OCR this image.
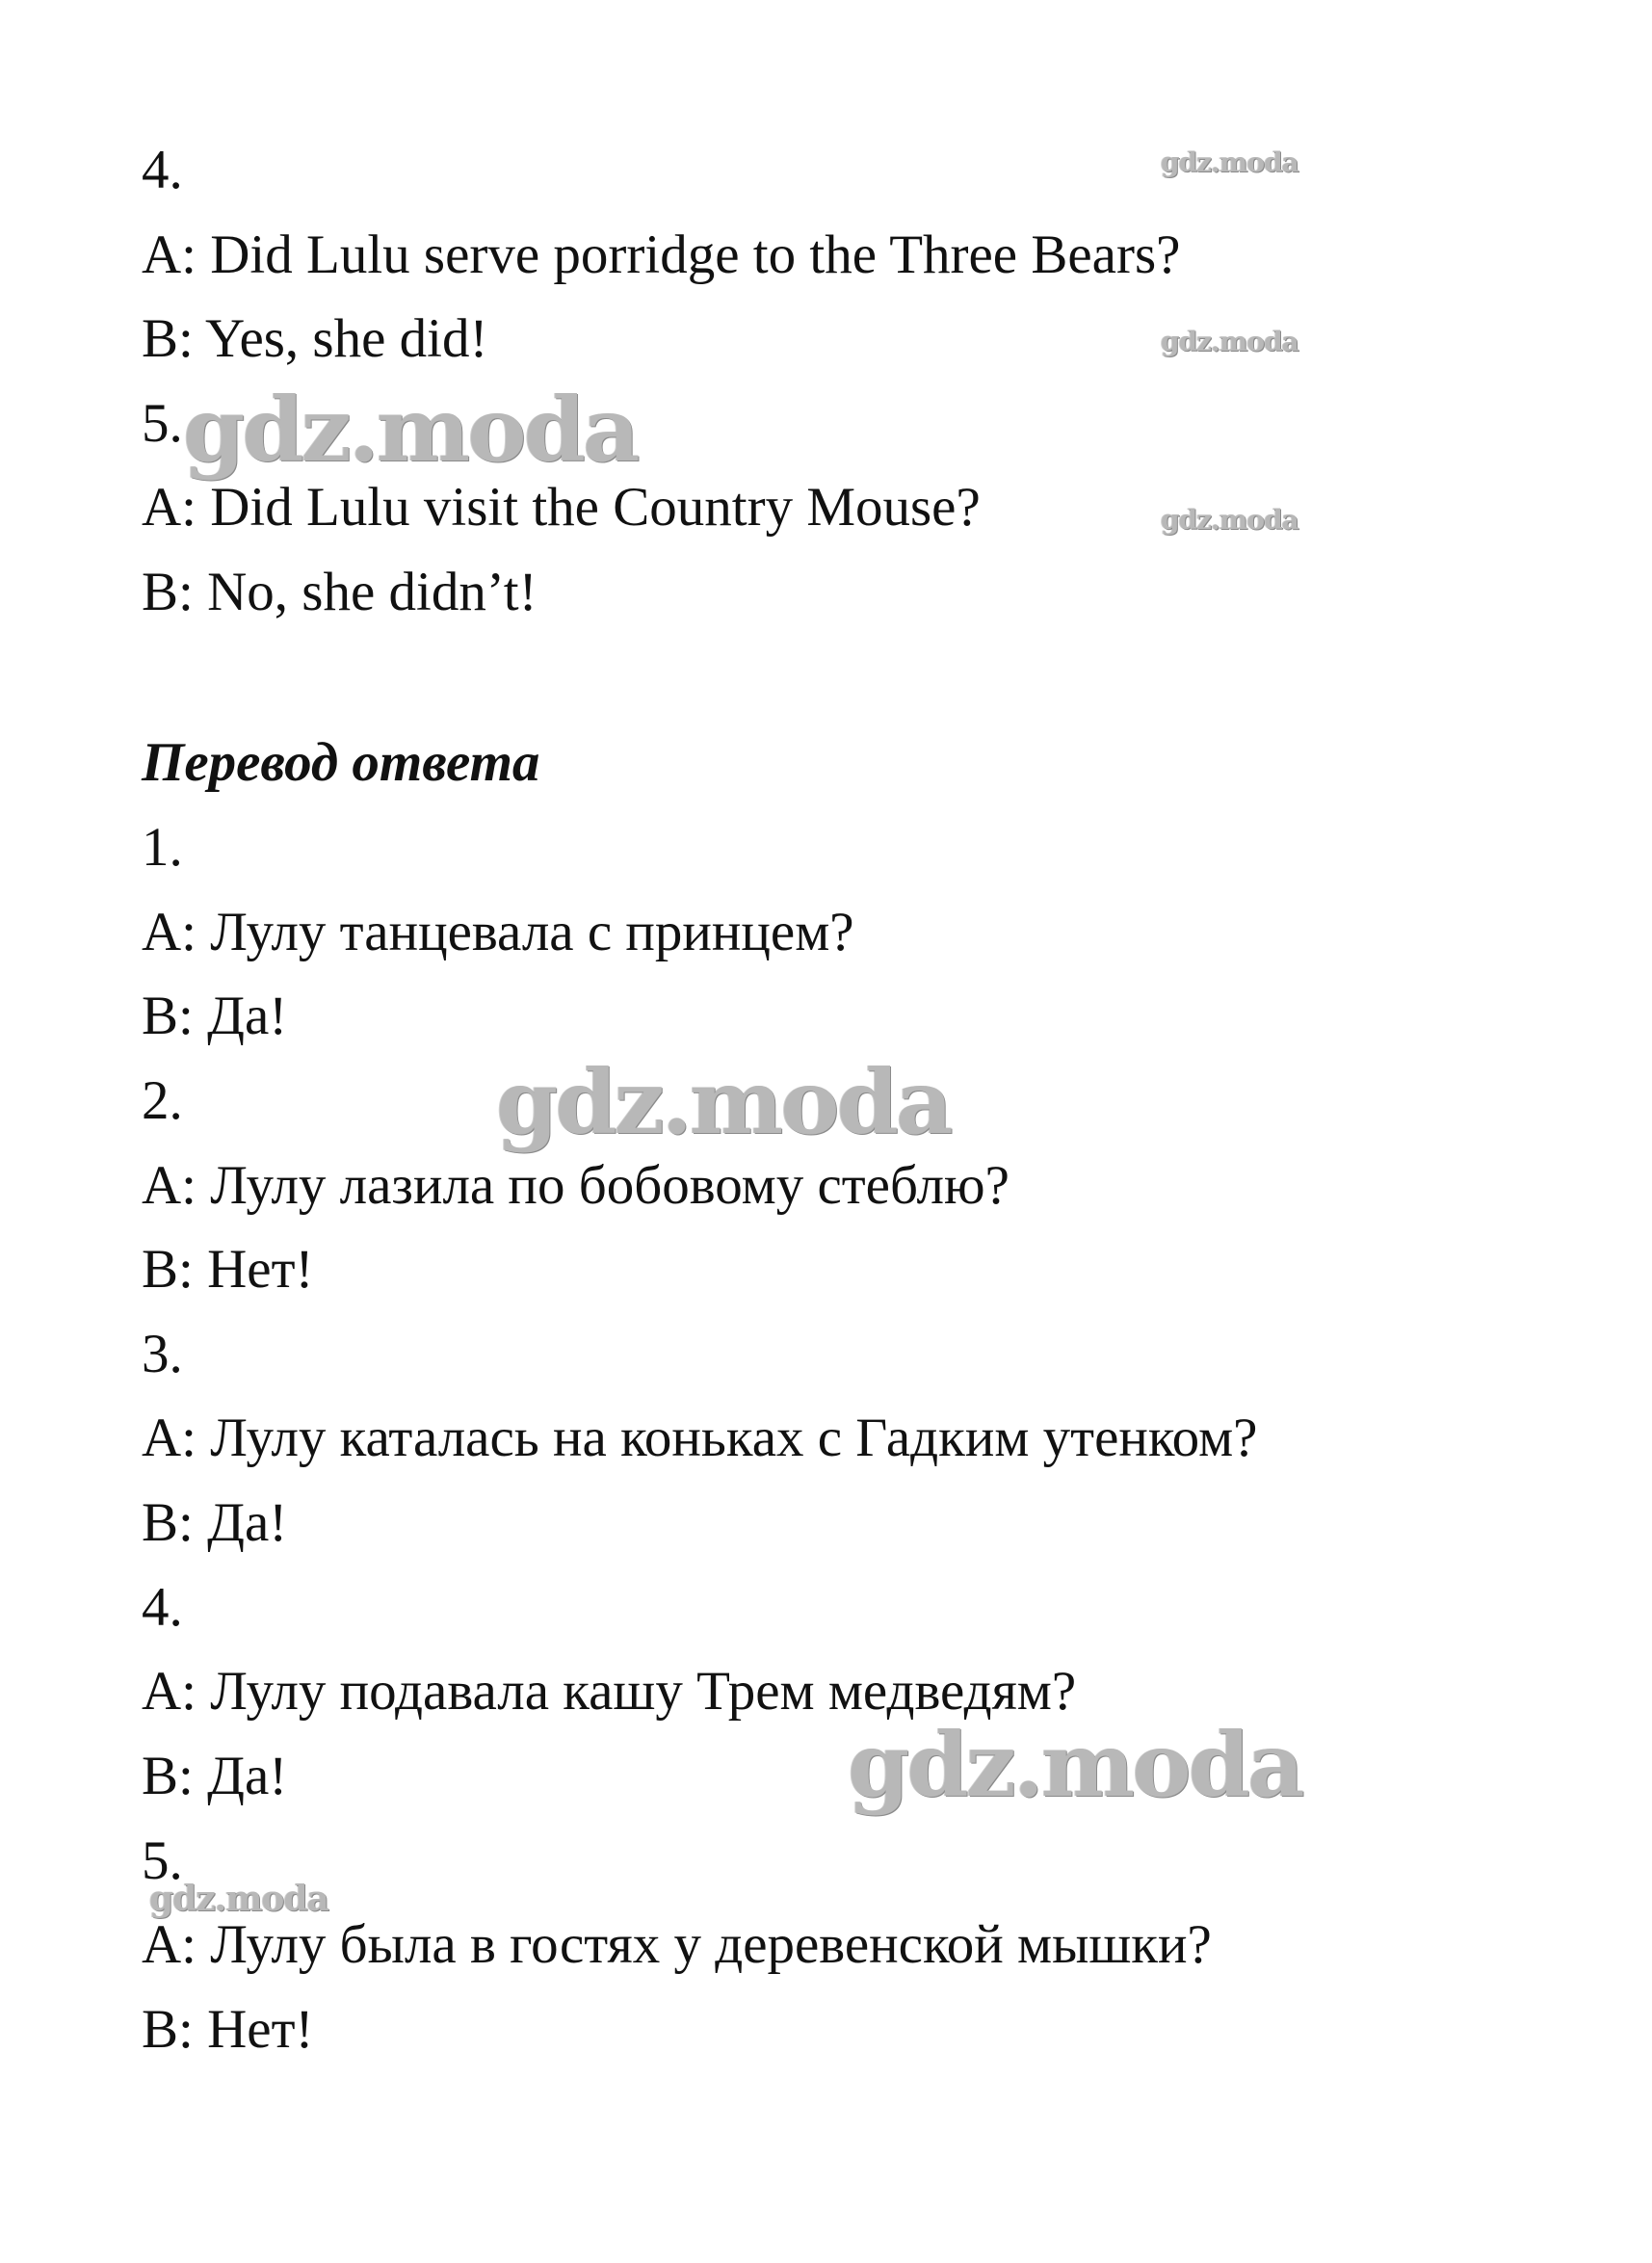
4.
A: Did Lulu serve porridge to the Three Bears?
B: Yes, she did!
5.
A: Did Lulu visit the Country Mouse?
B: No, she didn’t!
Перевод ответа
1.
A: Лулу танцевала с принцем?
B: Да!
2.
A: Лулу лазила по бобовому стеблю?
B: Нет!
3.
A: Лулу каталась на коньках с Гадким утенком?
B: Да!
4.
A: Лулу подавала кашу Трем медведям?
B: Да!
5.
A: Лулу была в гостях у деревенской мышки?
B: Нет!
gdz.moda
gdz.moda
gdz.moda
gdz.moda
gdz.moda
gdz.moda
gdz.moda
